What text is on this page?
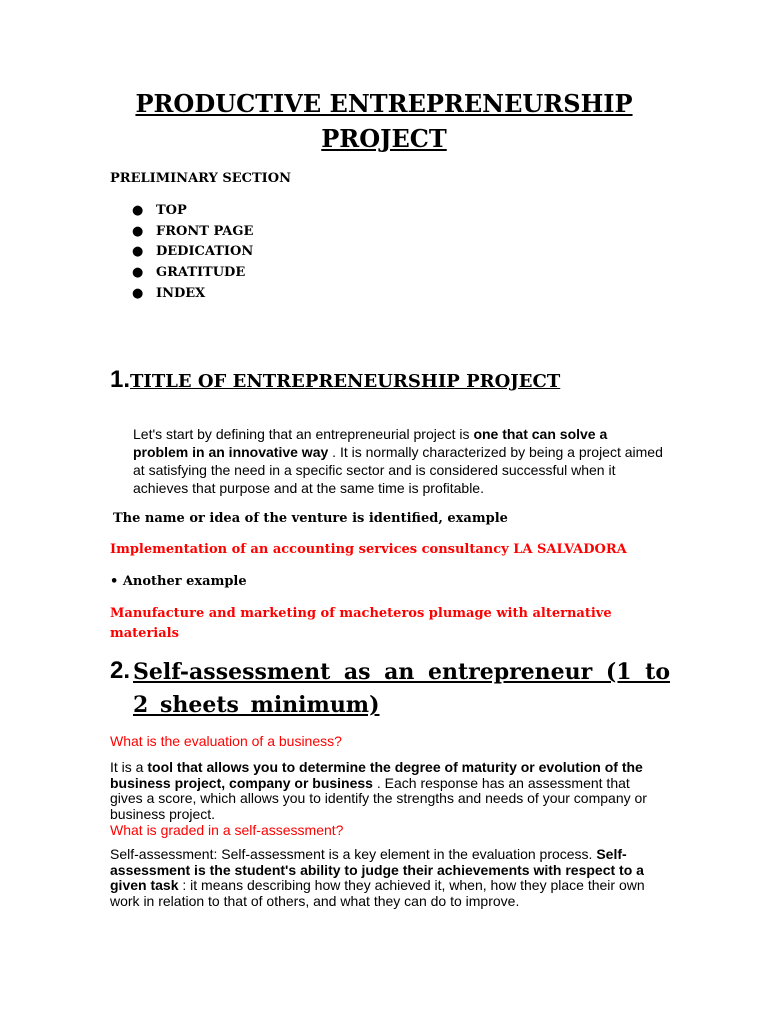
PRODUCTIVE ENTREPRENEURSHIP
PROJECT

PRELIMINARY SECTION

● TOP
● FRONT PAGE
● DEDICATION
● GRATITUDE
● INDEX
1.TITLE OF ENTREPRENEURSHIP PROJECT

Let's start by defining that an entrepreneurial project is one that can solve a problem in an innovative way . It is normally characterized by being a project aimed at satisfying the need in a specific sector and is considered successful when it achieves that purpose and at the same time is profitable.

The name or idea of the venture is identified, example

Implementation of an accounting services consultancy LA SALVADORA

• Another example

Manufacture and marketing of macheteros plumage with alternative materials

2. Self-assessment as an entrepreneur (1 to 2 sheets minimum)

What is the evaluation of a business?

It is a tool that allows you to determine the degree of maturity or evolution of the business project, company or business . Each response has an assessment that gives a score, which allows you to identify the strengths and needs of your company or business project.

What is graded in a self-assessment?

Self-assessment: Self-assessment is a key element in the evaluation process. Self-assessment is the student's ability to judge their achievements with respect to a given task : it means describing how they achieved it, when, how they place their own work in relation to that of others, and what they can do to improve.
